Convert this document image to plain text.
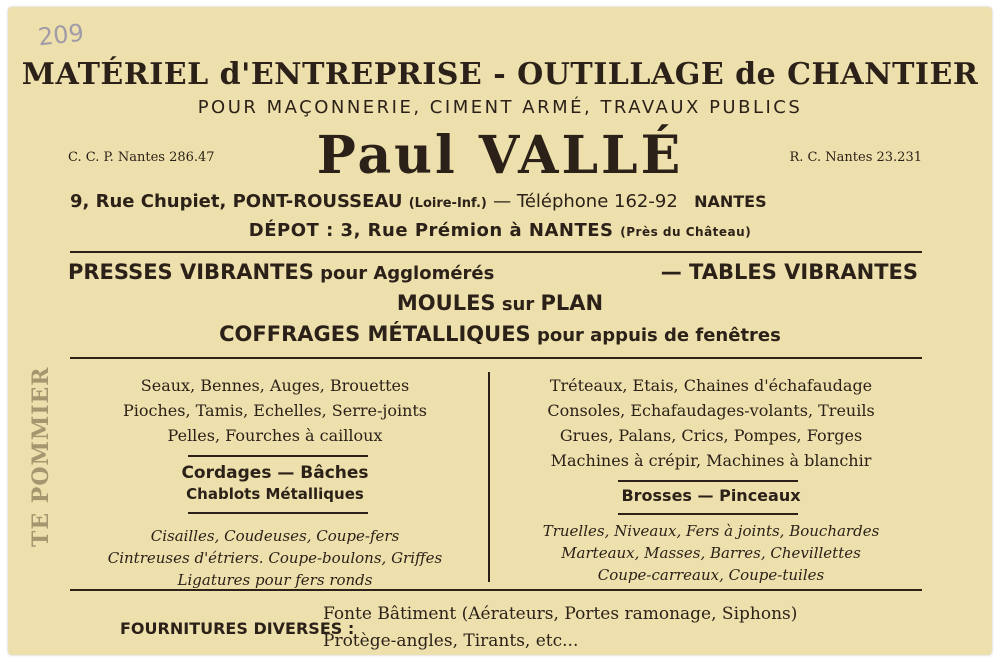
209
MATÉRIEL d'ENTREPRISE - OUTILLAGE de CHANTIER
POUR MAÇONNERIE, CIMENT ARMÉ, TRAVAUX PUBLICS
C. C. P. Nantes 286.47	Paul VALLÉ	R. C. Nantes 23.231
9, Rue Chupiet, PONT-ROUSSEAU (Loire-Inf.) — Téléphone 162-92 NANTES
DÉPOT : 3, Rue Prémion à NANTES (Près du Château)
PRESSES VIBRANTES pour Agglomérés	— TABLES VIBRANTES
MOULES sur PLAN
COFFRAGES MÉTALLIQUES pour appuis de fenêtres
TE POMMIER	Seaux, Bennes, Auges, Brouettes
Pioches, Tamis, Echelles, Serre-joints
Pelles, Fourches à cailloux
Cordages — Bâches
Chablots Métalliques
Cisailles, Coudeuses, Coupe-fers
Cintreuses d'étriers. Coupe-boulons, Griffes
Ligatures pour fers ronds
Tréteaux, Etais, Chaines d'échafaudage
Consoles, Echafaudages-volants, Treuils
Grues, Palans, Crics, Pompes, Forges
Machines à crépir, Machines à blanchir
Brosses — Pinceaux
Truelles, Niveaux, Fers à joints, Bouchardes
Marteaux, Masses, Barres, Chevillettes
Coupe-carreaux, Coupe-tuiles
FOURNITURES DIVERSES :
Fonte Bâtiment (Aérateurs, Portes ramonage, Siphons)
Protège-angles, Tirants, etc...
